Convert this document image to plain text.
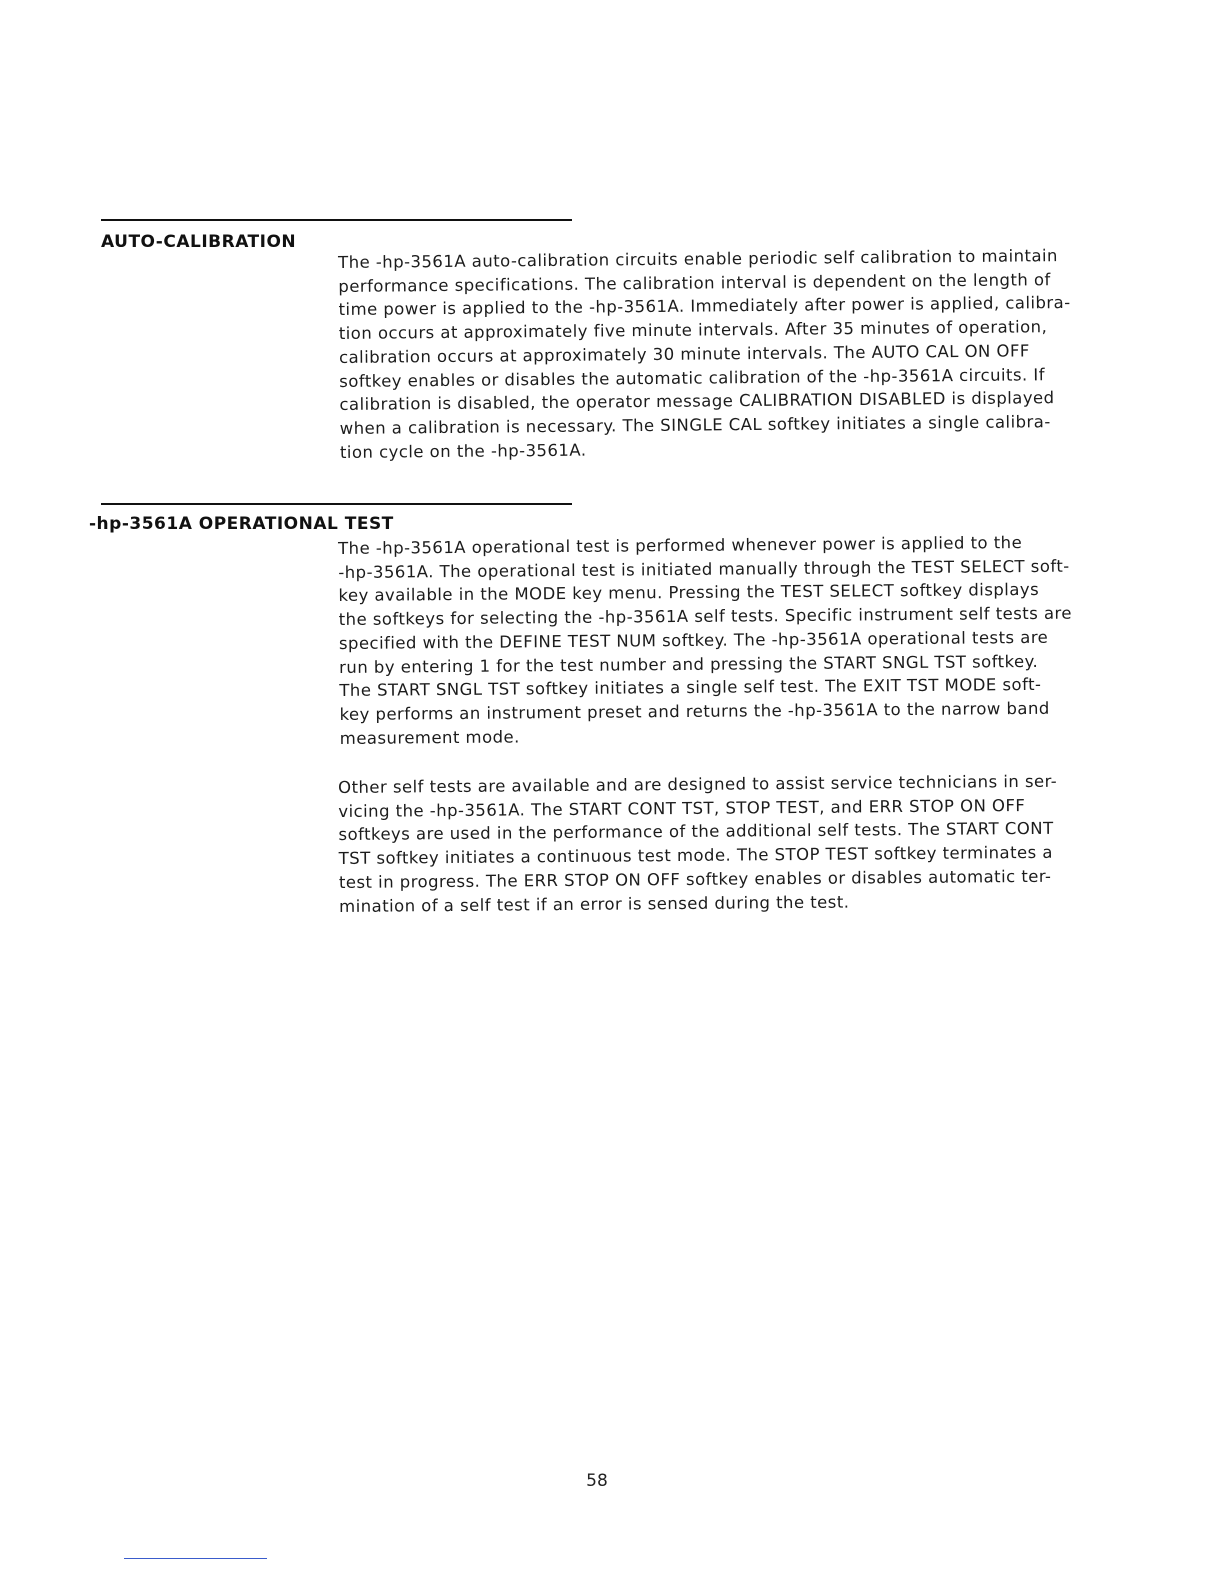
AUTO-CALIBRATION
The -hp-3561A auto-calibration circuits enable periodic self calibration to maintain
performance specifications. The calibration interval is dependent on the length of
time power is applied to the -hp-3561A. Immediately after power is applied, calibra-
tion occurs at approximately five minute intervals. After 35 minutes of operation,
calibration occurs at approximately 30 minute intervals. The AUTO CAL ON OFF
softkey enables or disables the automatic calibration of the -hp-3561A circuits. If
calibration is disabled, the operator message CALIBRATION DISABLED is displayed
when a calibration is necessary. The SINGLE CAL softkey initiates a single calibra-
tion cycle on the -hp-3561A.
-hp-3561A OPERATIONAL TEST
The -hp-3561A operational test is performed whenever power is applied to the
-hp-3561A. The operational test is initiated manually through the TEST SELECT soft-
key available in the MODE key menu. Pressing the TEST SELECT softkey displays
the softkeys for selecting the -hp-3561A self tests. Specific instrument self tests are
specified with the DEFINE TEST NUM softkey. The -hp-3561A operational tests are
run by entering 1 for the test number and pressing the START SNGL TST softkey.
The START SNGL TST softkey initiates a single self test. The EXIT TST MODE soft-
key performs an instrument preset and returns the -hp-3561A to the narrow band
measurement mode.
Other self tests are available and are designed to assist service technicians in ser-
vicing the -hp-3561A. The START CONT TST, STOP TEST, and ERR STOP ON OFF
softkeys are used in the performance of the additional self tests. The START CONT
TST softkey initiates a continuous test mode. The STOP TEST softkey terminates a
test in progress. The ERR STOP ON OFF softkey enables or disables automatic ter-
mination of a self test if an error is sensed during the test.
58
